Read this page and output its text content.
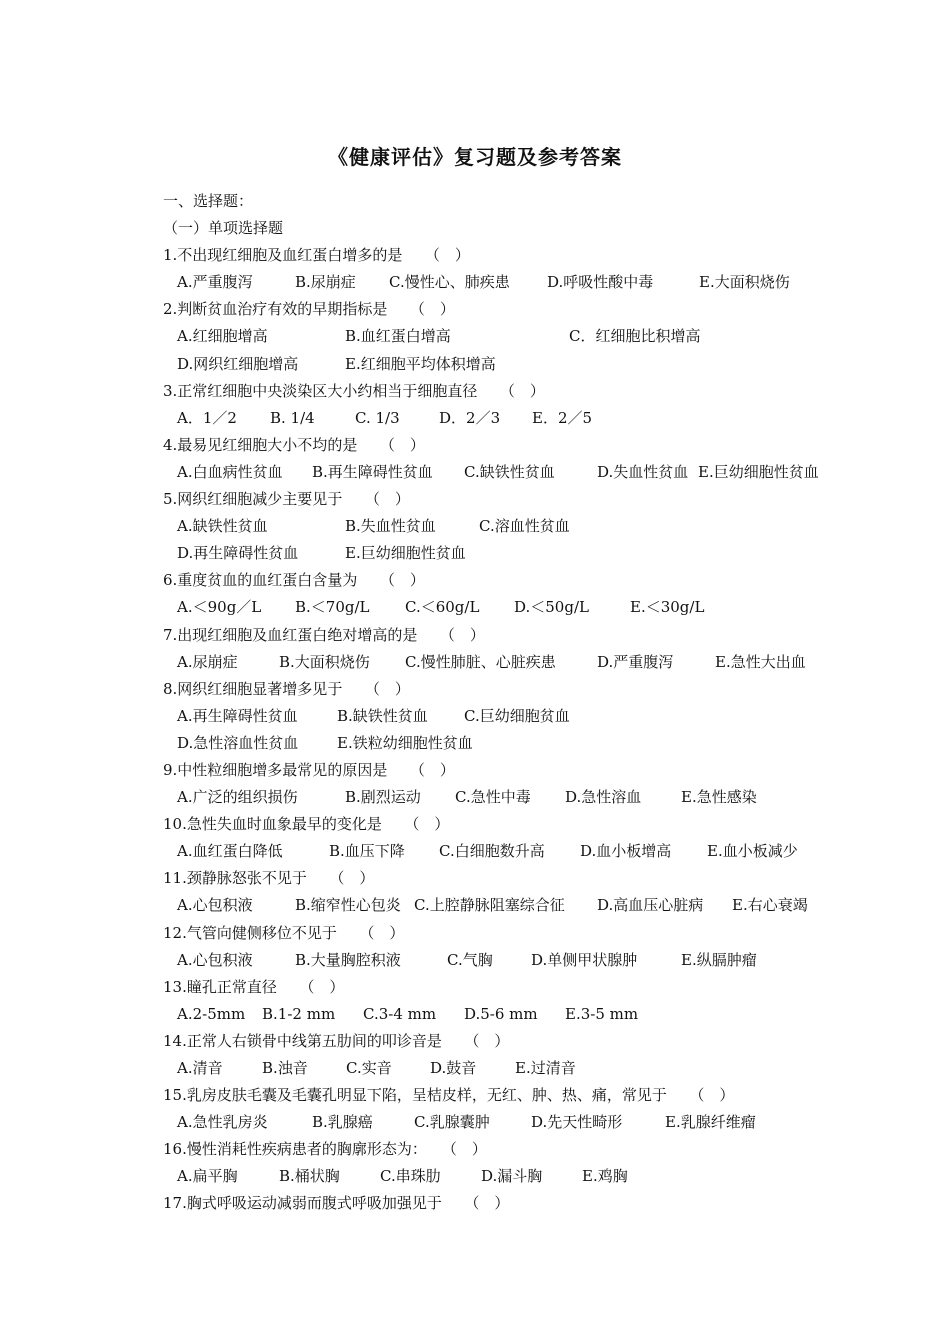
《健康评估》复习题及参考答案
一、选择题：
（一）单项选择题
1.不出现红细胞及血红蛋白增多的是　　（　）
A.严重腹泻	B.尿崩症 C.慢性心、肺疾患 D.呼吸性酸中毒	E.大面积烧伤
2.判断贫血治疗有效的早期指标是　　（　）
A.红细胞增高	B.血红蛋白增高	C．红细胞比积增高
D.网织红细胞增高	E.红细胞平均体积增高
3.正常红细胞中央淡染区大小约相当于细胞直径　　（　）
A．1／2 B. 1/4	C. 1/3	D．2／3 E．2／5
4.最易见红细胞大小不均的是　　（　）
A.白血病性贫血 B.再生障碍性贫血 C.缺铁性贫血	D.失血性贫血 E.巨幼细胞性贫血
5.网织红细胞减少主要见于　　（　）
A.缺铁性贫血	B.失血性贫血	C.溶血性贫血
D.再生障碍性贫血	E.巨幼细胞性贫血
6.重度贫血的血红蛋白含量为　　（　）
A.＜90g／L B.＜70g/L C.＜60g/L D.＜50g/L	E.＜30g/L
7.出现红细胞及血红蛋白绝对增高的是　　（　）
A.尿崩症	B.大面积烧伤 C.慢性肺脏、心脏疾患	D.严重腹泻	E.急性大出血
8.网织红细胞显著增多见于　　（　）
A.再生障碍性贫血	B.缺铁性贫血 C.巨幼细胞贫血
D.急性溶血性贫血	E.铁粒幼细胞性贫血
9.中性粒细胞增多最常见的原因是　　（　）
A.广泛的组织损伤	B.剧烈运动 C.急性中毒 D.急性溶血	E.急性感染
10.急性失血时血象最早的变化是　　（　）
A.血红蛋白降低	B.血压下降 C.白细胞数升高 D.血小板增高 E.血小板减少
11.颈静脉怒张不见于　　（　）
A.心包积液	B.缩窄性心包炎 C.上腔静脉阻塞综合征 D.高血压心脏病 E.右心衰竭
12.气管向健侧移位不见于　　（　）
A.心包积液	B.大量胸腔积液	C.气胸	D.单侧甲状腺肿	E.纵膈肿瘤
13.瞳孔正常直径　　（　）
A.2-5mm B.1-2 mm C.3-4 mm D.5-6 mm E.3-5 mm
14.正常人右锁骨中线第五肋间的叩诊音是　　（　）
A.清音	B.浊音	C.实音	D.鼓音	E.过清音
15.乳房皮肤毛囊及毛囊孔明显下陷，呈桔皮样，无红、肿、热、痛，常见于　　（　）
A.急性乳房炎	B.乳腺癌	C.乳腺囊肿	D.先天性畸形	E.乳腺纤维瘤
16.慢性消耗性疾病患者的胸廓形态为：　　（　）
A.扁平胸	B.桶状胸	C.串珠肋	D.漏斗胸	E.鸡胸
17.胸式呼吸运动减弱而腹式呼吸加强见于　　（　）
